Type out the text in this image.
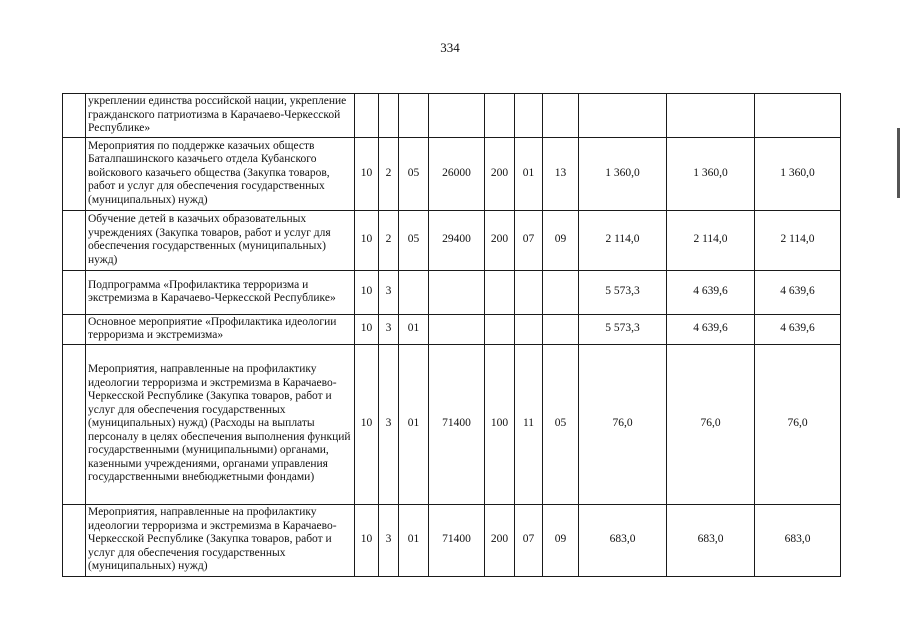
334
	укреплении единства российской нации, укрепление гражданского патриотизма в Карачаево-Черкесской Республике»										
	Мероприятия по поддержке казачьих обществ Баталпашинского казачьего отдела Кубанского войскового казачьего общества (Закупка товаров, работ и услуг для обеспечения государственных (муниципальных) нужд)	10	2	05	26000	200	01	13	1 360,0	1 360,0	1 360,0
	Обучение детей в казачьих образовательных учреждениях (Закупка товаров, работ и услуг для обеспечения государственных (муниципальных) нужд)	10	2	05	29400	200	07	09	2 114,0	2 114,0	2 114,0
	Подпрограмма «Профилактика терроризма и экстремизма в Карачаево-Черкесской Республике»	10	3						5 573,3	4 639,6	4 639,6
	Основное мероприятие «Профилактика идеологии терроризма и экстремизма»	10	3	01					5 573,3	4 639,6	4 639,6
	Мероприятия, направленные на профилактику идеологии терроризма и экстремизма в Карачаево-Черкесской Республике (Закупка товаров, работ и услуг для обеспечения государственных (муниципальных) нужд) (Расходы на выплаты персоналу в целях обеспечения выполнения функций государственными (муниципальными) органами, казенными учреждениями, органами управления государственными внебюджетными фондами)	10	3	01	71400	100	11	05	76,0	76,0	76,0
	Мероприятия, направленные на профилактику идеологии терроризма и экстремизма в Карачаево-Черкесской Республике (Закупка товаров, работ и услуг для обеспечения государственных (муниципальных) нужд)	10	3	01	71400	200	07	09	683,0	683,0	683,0
